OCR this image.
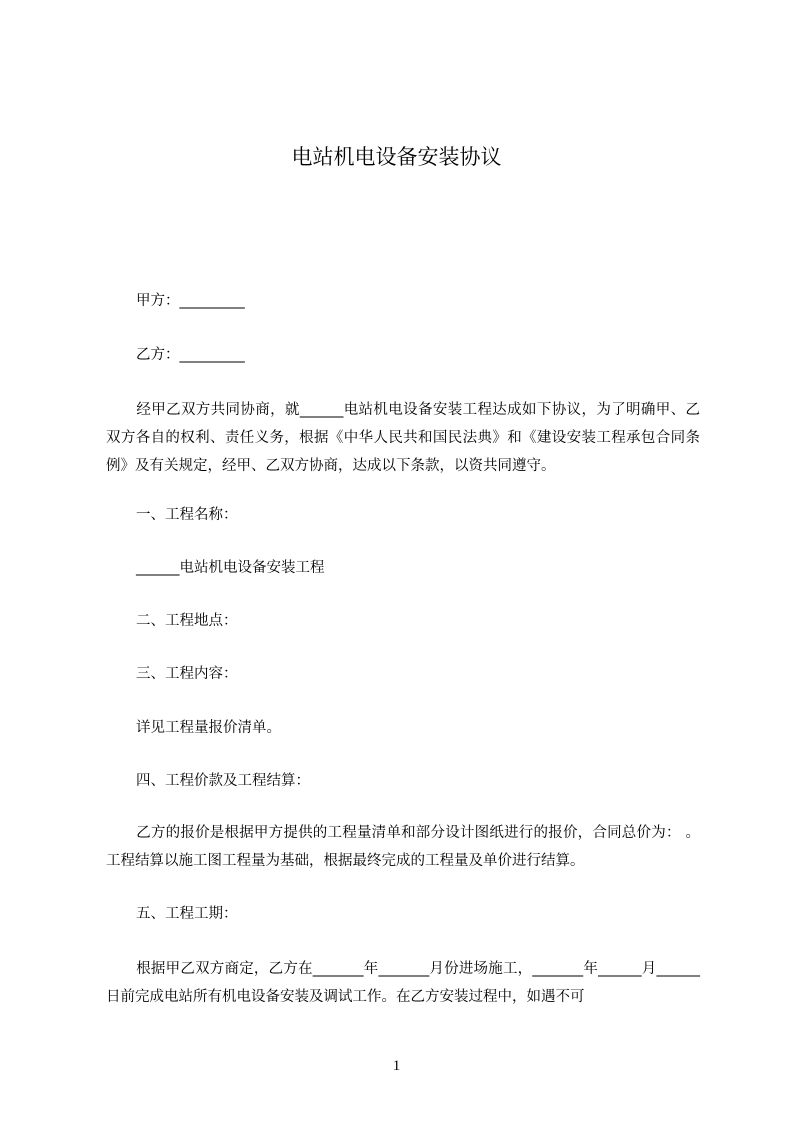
电站机电设备安装协议

甲方：_________

乙方：_________

经甲乙双方共同协商，就______电站机电设备安装工程达成如下协议，为了明确甲、乙双方各自的权利、责任义务，根据《中华人民共和国民法典》和《建设安装工程承包合同条例》及有关规定，经甲、乙双方协商，达成以下条款，以资共同遵守。

一、工程名称：

______电站机电设备安装工程

二、工程地点：

三、工程内容：

详见工程量报价清单。

四、工程价款及工程结算：

乙方的报价是根据甲方提供的工程量清单和部分设计图纸进行的报价，合同总价为： 。工程结算以施工图工程量为基础，根据最终完成的工程量及单价进行结算。

五、工程工期：

根据甲乙双方商定，乙方在_______年_______月份进场施工，_______年______月______日前完成电站所有机电设备安装及调试工作。在乙方安装过程中，如遇不可

1
